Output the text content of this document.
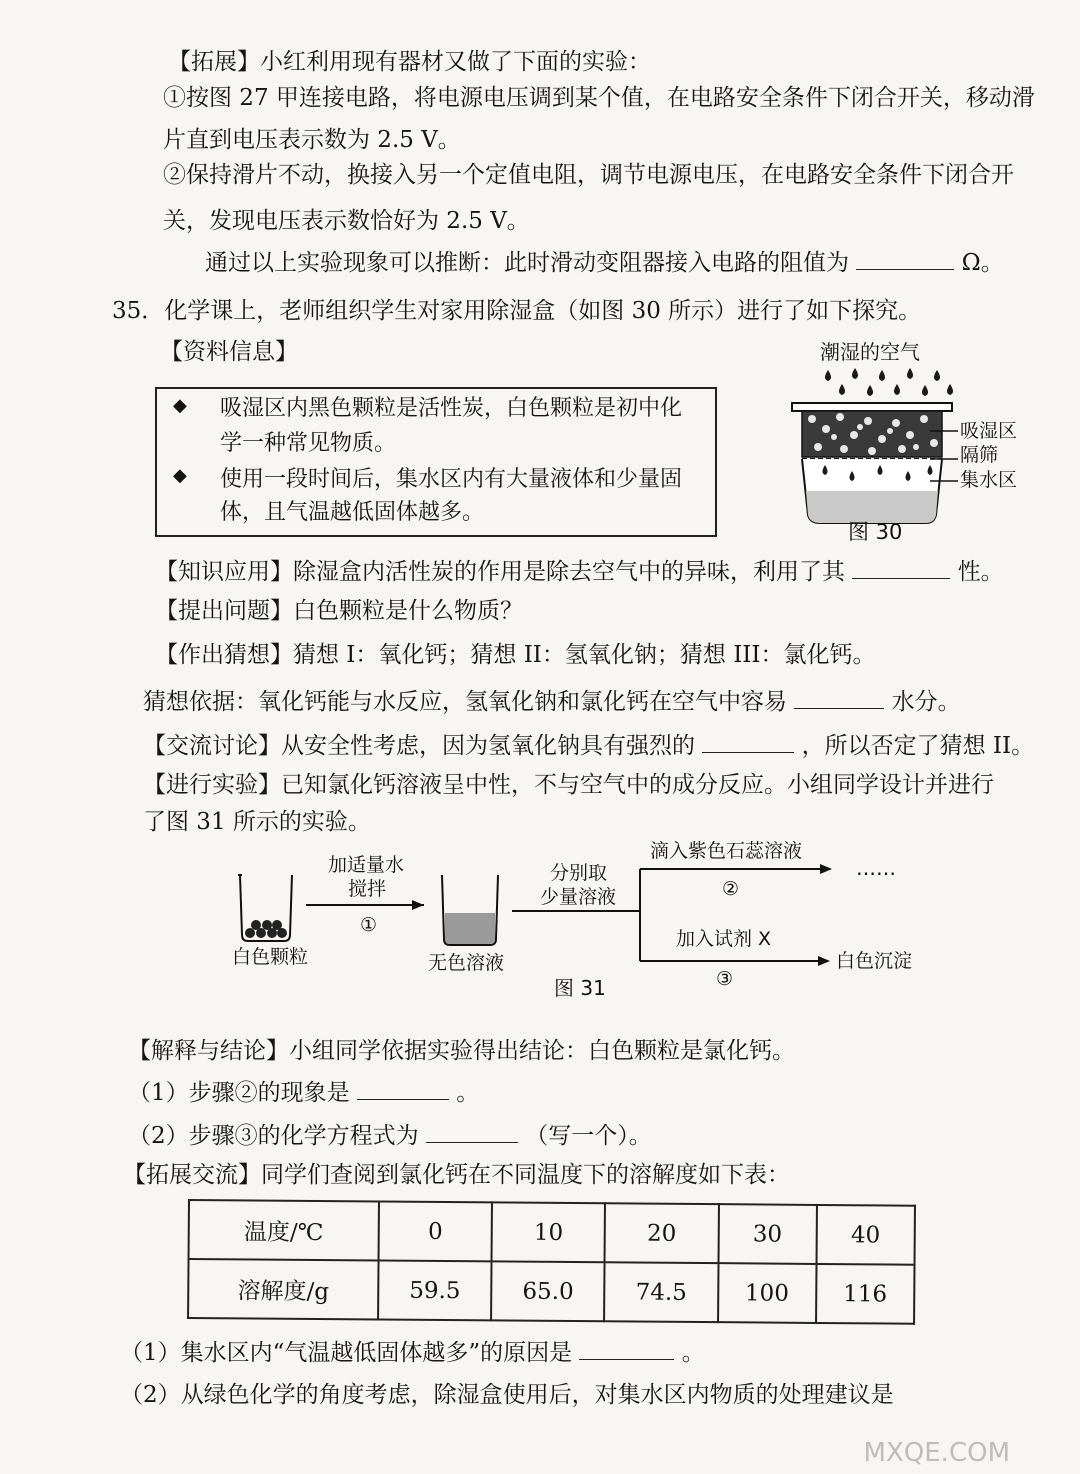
【拓展】小红利用现有器材又做了下面的实验：
①按图 27 甲连接电路，将电源电压调到某个值，在电路安全条件下闭合开关，移动滑
片直到电压表示数为 2.5 V。
②保持滑片不动，换接入另一个定值电阻，调节电源电压，在电路安全条件下闭合开
关，发现电压表示数恰好为 2.5 V。
通过以上实验现象可以推断：此时滑动变阻器接入电路的阻值为	Ω。
35．化学课上，老师组织学生对家用除湿盒（如图 30 所示）进行了如下探究。
【资料信息】
◆ 吸湿区内黑色颗粒是活性炭，白色颗粒是初中化
学一种常见物质。
◆ 使用一段时间后，集水区内有大量液体和少量固
体，且气温越低固体越多。
潮湿的空气
吸湿区
隔筛
集水区
图 30
【知识应用】除湿盒内活性炭的作用是除去空气中的异味，利用了其	性。
【提出问题】白色颗粒是什么物质？
【作出猜想】猜想 I：氧化钙；猜想 II：氢氧化钠；猜想 III：氯化钙。
猜想依据：氧化钙能与水反应，氢氧化钠和氯化钙在空气中容易	水分。
【交流讨论】从安全性考虑，因为氢氧化钠具有强烈的	，所以否定了猜想 II。
【进行实验】已知氯化钙溶液呈中性，不与空气中的成分反应。小组同学设计并进行
了图 31 所示的实验。
白色颗粒
加适量水
搅拌
①
无色溶液
分别取
少量溶液
滴入紫色石蕊溶液
②
……
加入试剂 X
③
白色沉淀
图 31
【解释与结论】小组同学依据实验得出结论：白色颗粒是氯化钙。
（1）步骤②的现象是	。
（2）步骤③的化学方程式为	（写一个）。
【拓展交流】同学们查阅到氯化钙在不同温度下的溶解度如下表：
温度/℃	0	10	20	30	40
溶解度/g	59.5	65.0	74.5	100	116
（1）集水区内“气温越低固体越多”的原因是	。
（2）从绿色化学的角度考虑，除湿盒使用后，对集水区内物质的处理建议是
MXQE.COM
